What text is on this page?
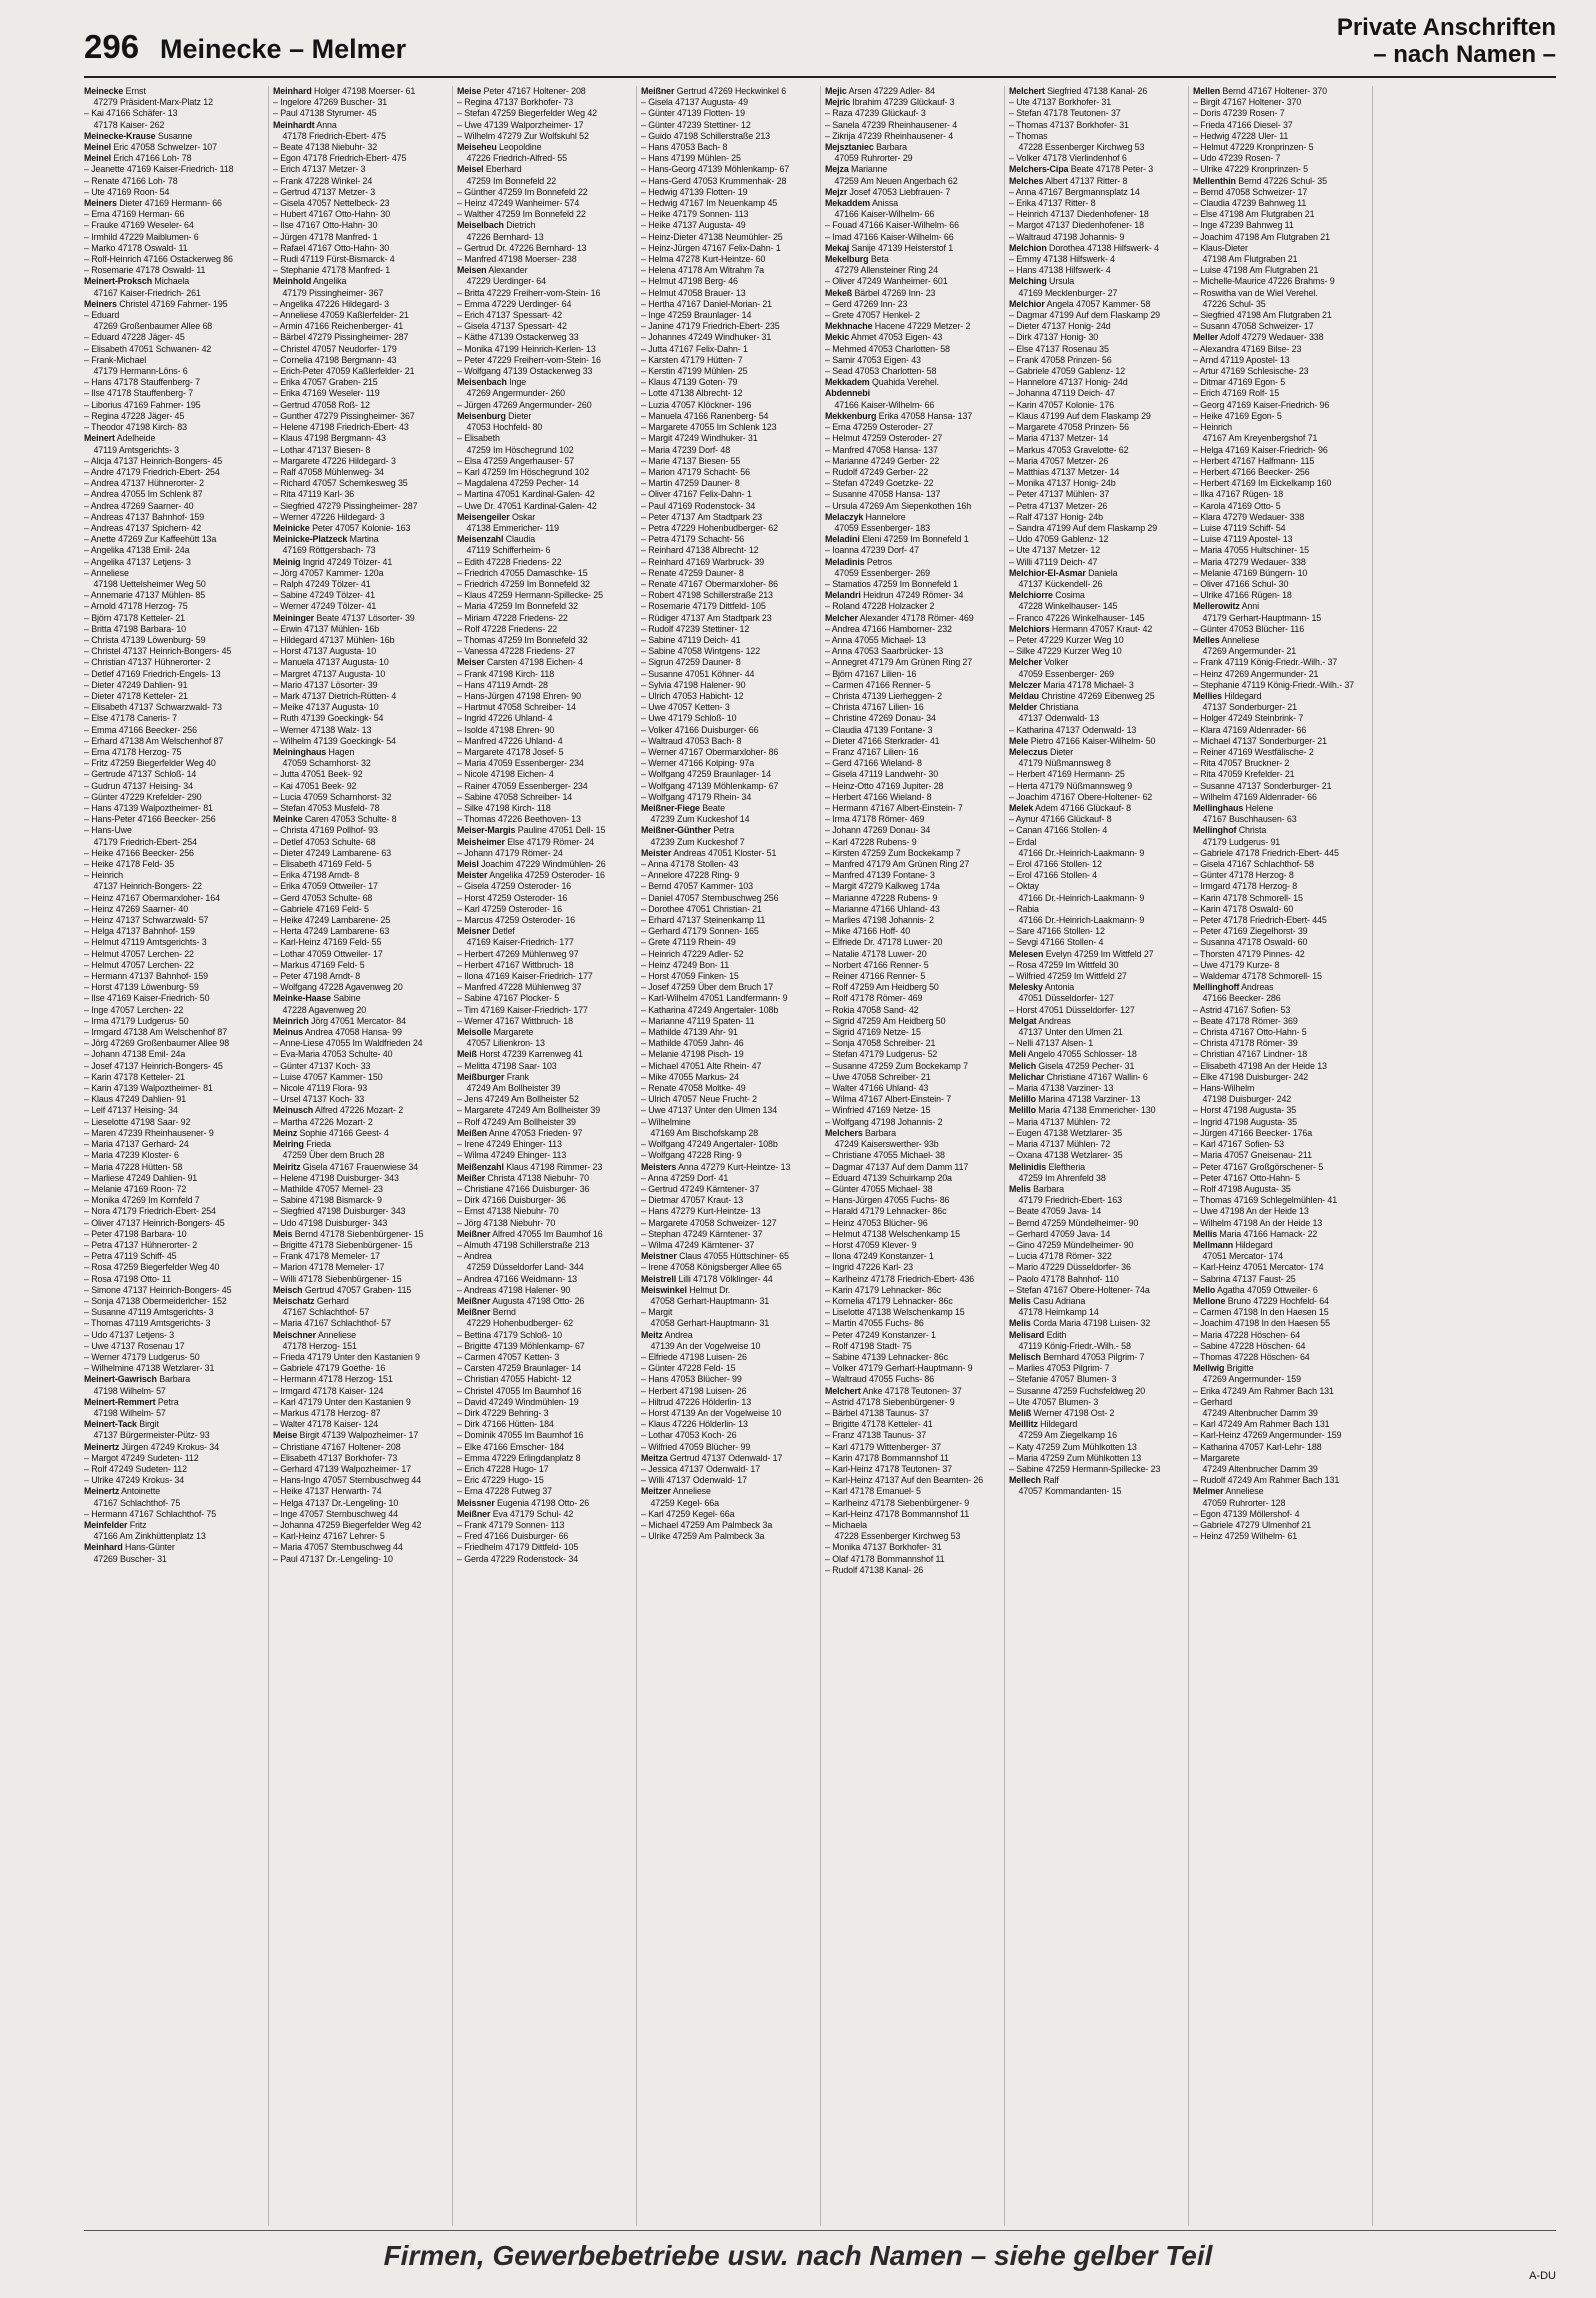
296 Meinecke – Melmer
Private Anschriften
– nach Namen –
Meinecke Ernst
47279 Präsident-Marx-Platz 12
– Kai 47166 Schäfer- 13
47178 Kaiser- 262
Meinecke-Krause Susanne
Meinel Eric 47058 Schwelzer- 107
Meinel Erich 47166 Loh- 78
– Jeanette 47169 Kaiser-Friedrich- 118
– Renate 47166 Loh- 78
– Ute 47169 Roon- 54
Meiners Dieter 47169 Hermann- 66
– Erna 47169 Herman- 66
– Frauke 47169 Weseler- 64
– Irmhild 47229 Maiblumen- 6
– Marko 47178 Oswald- 11
– Rolf-Heinrich 47166 Ostackerweg 86
– Rosemarie 47178 Oswald- 11
Meinert-Proksch Michaela
47167 Kaiser-Friedrich- 261
Meiners Christel 47169 Fahrner- 195
– Eduard
47269 Großenbaumer Allee 68
– Eduard 47228 Jäger- 45
– Elisabeth 47051 Schwanen- 42
– Frank-Michael
47179 Hermann-Löns- 6
– Hans 47178 Stauffenberg- 7
– Ilse 47178 Stauffenberg- 7
– Liborius 47169 Fahrner- 195
– Regina 47228 Jäger- 45
– Theodor 47198 Kirch- 83
Meinert Adelheide
47119 Amtsgerichts- 3
– Alicja 47137 Heinrich-Bongers- 45
– Andre 47179 Friedrich-Ebert- 254
– Andrea 47137 Hühnerorter- 2
– Andrea 47055 Im Schlenk 87
– Andrea 47269 Saarner- 40
– Andreas 47137 Bahnhof- 159
– Andreas 47137 Spichern- 42
– Anette 47269 Zur Kaffeehütt 13a
– Angelika 47138 Emil- 24a
– Angelika 47137 Letjens- 3
– Anneliese
47198 Uettelsheimer Weg 50
– Annemarie 47137 Mühlen- 85
– Arnold 47178 Herzog- 75
– Björn 47178 Ketteler- 21
– Britta 47198 Barbara- 10
– Christa 47139 Löwenburg- 59
– Christel 47137 Heinrich-Bongers- 45
– Christian 47137 Hühnerorter- 2
– Detlef 47169 Friedrich-Engels- 13
– Dieter 47249 Dahlien- 91
– Dieter 47178 Ketteler- 21
– Elisabeth 47137 Schwarzwald- 73
– Else 47178 Caneris- 7
– Emma 47166 Beecker- 256
– Erhard 47138 Am Welschenhof 87
– Erna 47178 Herzog- 75
– Fritz 47259 Biegerfelder Weg 40
– Gertrude 47137 Schloß- 14
– Gudrun 47137 Heising- 34
– Günter 47229 Krefelder- 290
– Hans 47139 Walpoztheimer- 81
– Hans-Peter 47166 Beecker- 256
– Hans-Uwe
47179 Friedrich-Ebert- 254
– Heike 47166 Beecker- 256
– Heike 47178 Feld- 35
– Heinrich
47137 Heinrich-Bongers- 22
– Heinz 47167 Obermarxloher- 164
– Heinz 47269 Saarner- 40
– Heinz 47137 Schwarzwald- 57
– Helga 47137 Bahnhof- 159
– Helmut 47119 Amtsgerichts- 3
– Helmut 47057 Lerchen- 22
– Helmut 47057 Lerchen- 22
– Hermann 47137 Bahnhof- 159
– Horst 47139 Löwenburg- 59
– Ilse 47169 Kaiser-Friedrich- 50
– Inge 47057 Lerchen- 22
– Irma 47179 Ludgerus- 50
– Irmgard 47138 Am Welschenhof 87
– Jörg 47269 Großenbaumer Allee 98
– Johann 47138 Emil- 24a
– Josef 47137 Heinrich-Bongers- 45
– Karin 47178 Ketteler- 21
– Karin 47139 Walpoztheimer- 81
– Klaus 47249 Dahlien- 91
– Leif 47137 Heising- 34
– Lieselotte 47198 Saar- 92
– Maren 47239 Rheinhausener- 9
– Maria 47137 Gerhard- 24
– Maria 47239 Kloster- 6
– Maria 47228 Hütten- 58
– Marliese 47249 Dahlien- 91
– Melanie 47169 Roon- 72
– Monika 47269 Im Kornfeld 7
– Nora 47179 Friedrich-Ebert- 254
– Oliver 47137 Heinrich-Bongers- 45
– Peter 47198 Barbara- 10
– Petra 47137 Hühnerorter- 2
– Petra 47119 Schiff- 45
– Rosa 47259 Biegerfelder Weg 40
– Rosa 47198 Otto- 11
– Simone 47137 Heinrich-Bongers- 45
– Sonja 47138 Obermeiderlcher- 152
– Susanne 47119 Amtsgerichts- 3
– Thomas 47119 Amtsgerichts- 3
– Udo 47137 Letjens- 3
– Uwe 47137 Rosenau 17
– Werner 47179 Ludgerus- 50
– Wilhelmine 47138 Wetzlarer- 31
Meinert-Gawrisch Barbara
47198 Wilhelm- 57
Meinert-Remmert Petra
47198 Wilhelm- 57
Meinert-Tack Birgit
47137 Bürgermeister-Pütz- 93
Meinertz Jürgen 47249 Krokus- 34
– Margot 47249 Sudeten- 112
– Rolf 47249 Sudeten- 112
– Ulrike 47249 Krokus- 34
Meinertz Antoinette
47167 Schlachthof- 75
– Hermann 47167 Schlachthof- 75
Meinfelder Fritz
47166 Am Zinkhüttenplatz 13
Meinhard Hans-Günter
47269 Buscher- 31
Meinhard Holger 47198 Moerser- 61
– Ingelore 47269 Buscher- 31
– Paul 47138 Styrumer- 45
Meinhardt Anna
47178 Friedrich-Ebert- 475
– Beate 47138 Niebuhr- 32
– Egon 47178 Friedrich-Ebert- 475
– Erich 47137 Metzer- 3
– Frank 47228 Winkel- 24
– Gertrud 47137 Metzer- 3
– Gisela 47057 Nettelbeck- 23
– Hubert 47167 Otto-Hahn- 30
– Ilse 47167 Otto-Hahn- 30
– Jürgen 47178 Manfred- 1
– Rafael 47167 Otto-Hahn- 30
– Rudi 47119 Fürst-Bismarck- 4
– Stephanie 47178 Manfred- 1
Meinhold Angelika
47179 Pissingheimer- 367
– Angelika 47226 Hildegard- 3
– Anneliese 47059 Kaßlerfelder- 21
– Armin 47166 Reichenberger- 41
– Bärbel 47279 Pissingheimer- 287
– Christel 47057 Neudorfer- 179
– Cornelia 47198 Bergmann- 43
– Erich-Peter 47059 Kaßlerfelder- 21
– Erika 47057 Graben- 215
– Erika 47169 Weseler- 119
– Gertrud 47058 Roß- 12
– Gunther 47279 Pissingheimer- 367
– Helene 47198 Friedrich-Ebert- 43
– Klaus 47198 Bergmann- 43
– Lothar 47137 Biesen- 8
– Margarete 47226 Hildegard- 3
– Ralf 47058 Mühlenweg- 34
– Richard 47057 Schemkesweg 35
– Rita 47119 Karl- 36
– Siegfried 47279 Pissingheimer- 287
– Werner 47226 Hildegard- 3
Meinicke Peter 47057 Kolonie- 163
Meinicke-Platzeck Martina
47169 Röttgersbach- 73
Meinig Ingrid 47249 Tölzer- 41
– Jörg 47057 Kammer- 120a
– Ralph 47249 Tölzer- 41
– Sabine 47249 Tölzer- 41
– Werner 47249 Tölzer- 41
Meininger Beate 47137 Lösorter- 39
– Erwin 47137 Mühlen- 16b
– Hildegard 47137 Mühlen- 16b
– Horst 47137 Augusta- 10
– Manuela 47137 Augusta- 10
– Margret 47137 Augusta- 10
– Mario 47137 Lösorter- 39
– Mark 47137 Dietrich-Rütten- 4
– Meike 47137 Augusta- 10
– Ruth 47139 Goeckingk- 54
– Werner 47138 Walz- 13
– Wilhelm 47139 Goeckingk- 54
Meininghaus Hagen
47059 Scharnhorst- 32
– Jutta 47051 Beek- 92
– Kai 47051 Beek- 92
– Lucia 47059 Scharnhorst- 32
– Stefan 47053 Musfeld- 78
Meinke Caren 47053 Schulte- 8
– Christa 47169 Pollhof- 93
– Detlef 47053 Schulte- 68
– Dieter 47249 Lambarene- 63
– Elisabeth 47169 Feld- 5
– Erika 47198 Arndt- 8
– Erika 47059 Ottweiler- 17
– Gerd 47053 Schulte- 68
– Gabriele 47169 Feld- 5
– Heike 47249 Lambarene- 25
– Herta 47249 Lambarene- 63
– Karl-Heinz 47169 Feld- 55
– Lothar 47059 Ottweiler- 17
– Markus 47169 Feld- 5
– Peter 47198 Arndt- 8
– Wolfgang 47228 Agavenweg 20
Meinke-Haase Sabine
47228 Agavenweg 20
Meinrich Jörg 47051 Mercator- 84
Meinus Andrea 47058 Hansa- 99
– Anne-Liese 47055 Im Waldfrieden 24
– Eva-Maria 47053 Schulte- 40
– Günter 47137 Koch- 33
– Luise 47057 Kammer- 150
– Nicole 47119 Flora- 93
– Ursel 47137 Koch- 33
Meinusch Alfred 47226 Mozart- 2
– Martha 47226 Mozart- 2
Meinz Sophie 47166 Geest- 4
Meiring Frieda
47259 Über dem Bruch 28
Meiritz Gisela 47167 Frauenwiese 34
– Helene 47198 Duisburger- 343
– Mathilde 47057 Memel- 23
– Sabine 47198 Bismarck- 9
– Siegfried 47198 Duisburger- 343
– Udo 47198 Duisburger- 343
Meis Bernd 47178 Siebenbürgener- 15
– Brigitte 47178 Siebenbürgener- 15
– Frank 47178 Memeler- 17
– Marion 47178 Memeler- 17
– Willi 47178 Siebenbürgener- 15
Meisch Gertrud 47057 Graben- 115
Meischatz Gerhard
47167 Schlachthof- 57
– Maria 47167 Schlachthof- 57
Meischner Anneliese
47178 Herzog- 151
– Frieda 47179 Unter den Kastanien 9
– Gabriele 47179 Goethe- 16
– Hermann 47178 Herzog- 151
– Irmgard 47178 Kaiser- 124
– Karl 47179 Unter den Kastanien 9
– Markus 47178 Herzog- 87
– Walter 47178 Kaiser- 124
Meise Birgit 47139 Walpozheimer- 17
– Christiane 47167 Holtener- 208
– Elisabeth 47137 Borkhofer- 73
– Gerhard 47139 Walpozheimer- 17
– Hans-Ingo 47057 Sternbuschweg 44
– Heike 47137 Herwarth- 74
– Helga 47137 Dr.-Lengeling- 10
– Inge 47057 Sternbuschweg 44
– Johanna 47259 Biegerfelder Weg 42
– Karl-Heinz 47167 Lehrer- 5
– Maria 47057 Sternbuschweg 44
– Paul 47137 Dr.-Lengeling- 10
Meise Peter 47167 Holtener- 208
– Regina 47137 Borkhofer- 73
– Stefan 47259 Biegerfelder Weg 42
– Uwe 47139 Walporzheimer- 17
– Wilhelm 47279 Zur Wolfskuhl 52
Meiseheu Leopoldine
47226 Friedrich-Alfred- 55
Meisel Eberhard
47259 Im Bonnefeld 22
– Günther 47259 Im Bonnefeld 22
– Heinz 47249 Wanheimer- 574
– Walther 47259 Im Bonnefeld 22
Meiselbach Dietrich
47226 Bernhard- 13
– Gertrud Dr. 47226 Bernhard- 13
– Manfred 47198 Moerser- 238
Meisen Alexander
47229 Uerdinger- 64
– Britta 47229 Freiherr-vom-Stein- 16
– Emma 47229 Uerdinger- 64
– Erich 47137 Spessart- 42
– Gisela 47137 Spessart- 42
– Käthe 47139 Ostackerweg 33
– Monika 47199 Heinrich-Kerlen- 13
– Peter 47229 Freiherr-vom-Stein- 16
– Wolfgang 47139 Ostackerweg 33
Meisenbach Inge
47269 Angermunder- 260
– Jürgen 47269 Angermunder- 260
Meisenburg Dieter
47053 Hochfeld- 80
– Elisabeth
47259 Im Höschegrund 102
– Elsa 47259 Angerhauser- 57
– Karl 47259 Im Höschegrund 102
– Magdalena 47259 Pecher- 14
– Martina 47051 Kardinal-Galen- 42
– Uwe Dr. 47051 Kardinal-Galen- 42
Meisengeiler Oskar
47138 Emmericher- 119
Meisenzahl Claudia
47119 Schifferheim- 6
– Edith 47228 Friedens- 22
– Friedrich 47055 Damaschke- 15
– Friedrich 47259 Im Bonnefeld 32
– Klaus 47259 Hermann-Spillecke- 25
– Maria 47259 Im Bonnefeld 32
– Miriam 47228 Friedens- 22
– Rolf 47228 Friedens- 22
– Thomas 47259 Im Bonnefeld 32
– Vanessa 47228 Friedens- 27
Meiser Carsten 47198 Eichen- 4
– Frank 47198 Kirch- 118
– Hans 47119 Arndt- 28
– Hans-Jürgen 47198 Ehren- 90
– Hartmut 47058 Schreiber- 14
– Ingrid 47226 Uhland- 4
– Isolde 47198 Ehren- 90
– Manfred 47226 Uhland- 4
– Margarete 47178 Josef- 5
– Maria 47059 Essenberger- 234
– Nicole 47198 Eichen- 4
– Rainer 47059 Essenberger- 234
– Sabine 47058 Schreiber- 14
– Silke 47198 Kirch- 118
– Thomas 47226 Beethoven- 13
Meiser-Margis Pauline 47051 Dell- 15
Meisheimer Else 47179 Römer- 24
– Johann 47179 Römer- 24
Meisl Joachim 47229 Windmühlen- 26
Meister Angelika 47259 Osteroder- 16
– Gisela 47259 Osteroder- 16
– Horst 47259 Osteroder- 16
– Karl 47259 Osteroder- 16
– Marcus 47259 Osteroder- 16
Meisner Detlef
47169 Kaiser-Friedrich- 177
– Herbert 47269 Mühlenweg 97
– Herbert 47167 Wittbruch- 18
– Ilona 47169 Kaiser-Friedrich- 177
– Manfred 47228 Mühlenweg 37
– Sabine 47167 Plocker- 5
– Tim 47169 Kaiser-Friedrich- 177
– Werner 47167 Wittbruch- 18
Meisolle Margarete
47057 Lilienkron- 13
Meiß Horst 47239 Karrenweg 41
– Melitta 47198 Saar- 103
Meißburger Frank
47249 Am Bollheister 39
– Jens 47249 Am Bollheister 52
– Margarete 47249 Am Bollheister 39
– Rolf 47249 Am Bollheister 39
Meißen Anne 47053 Frieden- 97
– Irene 47249 Ehinger- 113
– Wilma 47249 Ehinger- 113
Meißenzahl Klaus 47198 Rimmer- 23
Meißer Christa 47138 Niebuhr- 70
– Christiane 47166 Duisburger- 36
– Dirk 47166 Duisburger- 36
– Ernst 47138 Niebuhr- 70
– Jörg 47138 Niebuhr- 70
Meißner Alfred 47055 Im Baumhof 16
– Almuth 47198 Schillerstraße 213
– Andrea
47259 Düsseldorfer Land- 344
– Andrea 47166 Weidmann- 13
– Andreas 47198 Halener- 90
Meißner Augusta 47198 Otto- 26
Meißner Bernd
47229 Hohenbudberger- 62
– Bettina 47179 Schloß- 10
– Brigitte 47139 Möhlenkamp- 67
– Carmen 47057 Ketten- 3
– Carsten 47259 Braunlager- 14
– Christian 47055 Habicht- 12
– Christel 47055 Im Baumhof 16
– David 47249 Windmühlen- 19
– Dirk 47229 Behring- 3
– Dirk 47166 Hütten- 184
– Dominik 47055 Im Baumhof 16
– Elke 47166 Emscher- 184
– Emma 47229 Erlingdanplatz 8
– Erich 47228 Hugo- 17
– Eric 47229 Hugo- 15
– Erna 47228 Futweg 37
Meissner Eugenia 47198 Otto- 26
Meißner Eva 47179 Schul- 42
– Frank 47179 Sonnen- 113
– Fred 47166 Duisburger- 66
– Friedhelm 47179 Dittfeld- 105
– Gerda 47229 Rodenstock- 34
Meißner Gertrud 47269 Heckwinkel 6
– Gisela 47137 Augusta- 49
– Günter 47139 Flotten- 19
– Günter 47239 Stettiner- 12
– Guido 47198 Schillerstraße 213
– Hans 47053 Bach- 8
– Hans 47199 Mühlen- 25
– Hans-Georg 47139 Möhlenkamp- 67
– Hans-Gerd 47053 Krummenhak- 28
– Hedwig 47139 Flotten- 19
– Hedwig 47167 Im Neuenkamp 45
– Heike 47179 Sonnen- 113
– Heike 47137 Augusta- 49
– Heinz-Dieter 47138 Neumühler- 25
– Heinz-Jürgen 47167 Felix-Dahn- 1
– Helma 47278 Kurt-Heintze- 60
– Helena 47178 Am Witrahm 7a
– Helmut 47198 Berg- 46
– Helmut 47058 Brauer- 13
– Hertha 47167 Daniel-Morian- 21
– Inge 47259 Braunlager- 14
– Janine 47179 Friedrich-Ebert- 235
– Johannes 47249 Windhuker- 31
– Jutta 47167 Felix-Dahn- 1
– Karsten 47179 Hütten- 7
– Kerstin 47199 Mühlen- 25
– Klaus 47139 Goten- 79
– Lotte 47138 Albrecht- 12
– Luzia 47057 Klöckner- 196
– Manuela 47166 Ranenberg- 54
– Margarete 47055 Im Schlenk 123
– Margit 47249 Windhuker- 31
– Maria 47239 Dorf- 48
– Marie 47137 Biesen- 55
– Marion 47179 Schacht- 56
– Martin 47259 Dauner- 8
– Oliver 47167 Felix-Dahn- 1
– Paul 47169 Rodenstock- 34
– Peter 47137 Am Stadtpark 23
– Petra 47229 Hohenbudberger- 62
– Petra 47179 Schacht- 56
– Reinhard 47138 Albrecht- 12
– Reinhard 47169 Warbruck- 39
– Renate 47259 Dauner- 8
– Renate 47167 Obermarxloher- 86
– Robert 47198 Schillerstraße 213
– Rosemarie 47179 Dittfeld- 105
– Rüdiger 47137 Am Stadtpark 23
– Rudolf 47239 Stettiner- 12
– Sabine 47119 Deich- 41
– Sabine 47058 Wintgens- 122
– Sigrun 47259 Dauner- 8
– Susanne 47051 Köhner- 44
– Sylvia 47198 Halener- 90
– Ulrich 47053 Habicht- 12
– Uwe 47057 Ketten- 3
– Uwe 47179 Schloß- 10
– Volker 47166 Duisburger- 66
– Waltraud 47053 Bach- 8
– Werner 47167 Obermarxloher- 86
– Werner 47166 Kolping- 97a
– Wolfgang 47259 Braunlager- 14
– Wolfgang 47139 Möhlenkamp- 67
– Wolfgang 47179 Rhein- 34
Meißner-Fiege Beate
47239 Zum Kuckeshof 14
Meißner-Günther Petra
47239 Zum Kuckeshof 7
Meister Andreas 47051 Kloster- 51
– Anna 47178 Stollen- 43
– Annelore 47228 Ring- 9
– Bernd 47057 Kammer- 103
– Daniel 47057 Sternbuschweg 256
– Dorothee 47051 Christian- 21
– Erhard 47137 Steinenkamp 11
– Gerhard 47179 Sonnen- 165
– Grete 47119 Rhein- 49
– Heinrich 47229 Adler- 52
– Heinz 47249 Bon- 11
– Horst 47059 Finken- 15
– Josef 47259 Über dem Bruch 17
– Karl-Wilhelm 47051 Landfermann- 9
– Katharina 47249 Angertaler- 108b
– Marianne 47119 Spaten- 11
– Mathilde 47139 Ahr- 91
– Mathilde 47059 Jahn- 46
– Melanie 47198 Pisch- 19
– Michael 47051 Alte Rhein- 47
– Mike 47055 Markus- 24
– Renate 47058 Moltke- 49
– Ulrich 47057 Neue Frucht- 2
– Uwe 47137 Unter den Ulmen 134
– Wilhelmine
47169 Am Bischofskamp 28
– Wolfgang 47249 Angertaler- 108b
– Wolfgang 47228 Ring- 9
Meisters Anna 47279 Kurt-Heintze- 13
– Anna 47259 Dorf- 41
– Gertrud 47249 Kärntener- 37
– Dietmar 47057 Kraut- 13
– Hans 47279 Kurt-Heintze- 13
– Margarete 47058 Schweizer- 127
– Stephan 47249 Kärntener- 37
– Wilma 47249 Kärntener- 37
Meistner Claus 47055 Hüttschiner- 65
– Irene 47058 Königsberger Allee 65
Meistrell Lilli 47178 Völklinger- 44
Meiswinkel Helmut Dr.
47058 Gerhart-Hauptmann- 31
– Margit
47058 Gerhart-Hauptmann- 31
Meitz Andrea
47139 An der Vogelweise 10
– Elfriede 47198 Luisen- 26
– Günter 47228 Feld- 15
– Hans 47053 Blücher- 99
– Herbert 47198 Luisen- 26
– Hiltrud 47226 Hölderlin- 13
– Horst 47139 An der Vogelweise 10
– Klaus 47226 Hölderlin- 13
– Lothar 47053 Koch- 26
– Wilfried 47059 Blücher- 99
Meitza Gertrud 47137 Odenwald- 17
– Jessica 47137 Odenwald- 17
– Willi 47137 Odenwald- 17
Meitzer Anneliese
47259 Kegel- 66a
– Karl 47259 Kegel- 66a
– Michael 47259 Am Palmbeck 3a
– Ulrike 47259 Am Palmbeck 3a
Mejic Arsen 47229 Adler- 84
Mejric Ibrahim 47239 Glückauf- 3
– Raza 47239 Glückauf- 3
– Sanela 47239 Rheinhausener- 4
– Zikrija 47239 Rheinhausener- 4
Mejsztaniec Barbara
47059 Ruhrorter- 29
Mejza Marianne
47259 Am Neuen Angerbach 62
Mejzr Josef 47053 Liebfrauen- 7
Mekaddem Anissa
47166 Kaiser-Wilhelm- 66
– Fouad 47166 Kaiser-Wilhelm- 66
– Imad 47166 Kaiser-Wilhelm- 66
Mekaj Sanije 47139 Heisterstof 1
Mekelburg Beta
47279 Allensteiner Ring 24
– Oliver 47249 Wanheimer- 601
Mekeß Bärbel 47269 Inn- 23
– Gerd 47269 Inn- 23
– Grete 47057 Henkel- 2
Mekhnache Hacene 47229 Metzer- 2
Mekic Ahmet 47053 Eigen- 43
– Mehmed 47053 Charlotten- 58
– Samir 47053 Eigen- 43
– Sead 47053 Charlotten- 58
Mekkadem Quahida Verehel.
Abdennebi
47166 Kaiser-Wilhelm- 66
Mekkenburg Erika 47058 Hansa- 137
– Erna 47259 Osteroder- 27
– Helmut 47259 Osteroder- 27
– Manfred 47058 Hansa- 137
– Marianne 47249 Gerber- 22
– Rudolf 47249 Gerber- 22
– Stefan 47249 Goetzke- 22
– Susanne 47058 Hansa- 137
– Ursula 47269 Am Siepenkothen 16h
Melaczyk Hannelore
47059 Essenberger- 183
Meladini Eleni 47259 Im Bonnefeld 1
– Ioanna 47239 Dorf- 47
Meladinis Petros
47059 Essenberger- 269
– Stamatios 47259 Im Bonnefeld 1
Melandri Heidrun 47249 Römer- 34
– Roland 47228 Holzacker 2
Melcher Alexander 47178 Römer- 469
– Andrea 47166 Hamborner- 232
– Anna 47055 Michael- 13
– Anna 47053 Saarbrücker- 13
– Annegret 47179 Am Grünen Ring 27
– Björn 47167 Lilien- 16
– Carmen 47166 Renner- 5
– Christa 47139 Lierheggen- 2
– Christa 47167 Lilien- 16
– Christine 47269 Donau- 34
– Claudia 47139 Fontane- 3
– Dieter 47166 Sterkrader- 41
– Franz 47167 Lilien- 16
– Gerd 47166 Wieland- 8
– Gisela 47119 Landwehr- 30
– Heinz-Otto 47169 Jupiter- 28
– Herbert 47166 Wieland- 8
– Hermann 47167 Albert-Einstein- 7
– Irma 47178 Römer- 469
– Johann 47269 Donau- 34
– Karl 47228 Rubens- 9
– Kirsten 47259 Zum Bockekamp 7
– Manfred 47179 Am Grünen Ring 27
– Manfred 47139 Fontane- 3
– Margit 47279 Kalkweg 174a
– Marianne 47228 Rubens- 9
– Marianne 47166 Uhland- 43
– Marlies 47198 Johannis- 2
– Mike 47166 Hoff- 40
– Elfriede Dr. 47178 Luwer- 20
– Natalie 47178 Luwer- 20
– Norbert 47166 Renner- 5
– Reiner 47166 Renner- 5
– Rolf 47259 Am Heidberg 50
– Rolf 47178 Römer- 469
– Rokia 47058 Sand- 42
– Sigrid 47259 Am Heidberg 50
– Sigrid 47169 Netze- 15
– Sonja 47058 Schreiber- 21
– Stefan 47179 Ludgerus- 52
– Susanne 47259 Zum Bockekamp 7
– Uwe 47058 Schreiber- 21
– Walter 47166 Uhland- 43
– Wilma 47167 Albert-Einstein- 7
– Winfried 47169 Netze- 15
– Wolfgang 47198 Johannis- 2
Melchers Barbara
47249 Kaiserswerther- 93b
– Christiane 47055 Michael- 38
– Dagmar 47137 Auf dem Damm 117
– Eduard 47139 Schuirkamp 20a
– Günter 47055 Michael- 38
– Hans-Jürgen 47055 Fuchs- 86
– Harald 47179 Lehnacker- 86c
– Heinz 47053 Blücher- 96
– Helmut 47138 Welschenkamp 15
– Horst 47059 Klever- 9
– Ilona 47249 Konstanzer- 1
– Ingrid 47226 Karl- 23
– Karlheinz 47178 Friedrich-Ebert- 436
– Karin 47179 Lehnacker- 86c
– Kornelia 47179 Lehnacker- 86c
– Liselotte 47138 Welschenkamp 15
– Martin 47055 Fuchs- 86
– Peter 47249 Konstanzer- 1
– Rolf 47198 Stadt- 75
– Sabine 47139 Lehnacker- 86c
– Volker 47179 Gerhart-Hauptmann- 9
– Waltraud 47055 Fuchs- 86
Melchert Anke 47178 Teutonen- 37
– Astrid 47178 Siebenbürgener- 9
– Bärbel 47138 Taunus- 37
– Brigitte 47178 Ketteler- 41
– Franz 47138 Taunus- 37
– Karl 47179 Wittenberger- 37
– Karin 47178 Bommannshof 11
– Karl-Heinz 47178 Teutonen- 37
– Karl-Heinz 47137 Auf den Beamten- 26
– Karl 47178 Emanuel- 5
– Karlheinz 47178 Siebenbürgener- 9
– Karl-Heinz 47178 Bommannshof 11
– Michaela
47228 Essenberger Kirchweg 53
– Monika 47137 Borkhofer- 31
– Olaf 47178 Bommannshof 11
– Rudolf 47138 Kanal- 26
Melchert Siegfried 47138 Kanal- 26
– Ute 47137 Borkhofer- 31
– Stefan 47178 Teutonen- 37
– Thomas 47137 Borkhofer- 31
– Thomas
47228 Essenberger Kirchweg 53
– Volker 47178 Vierlindenhof 6
Melchers-Cipa Beate 47178 Peter- 3
Melches Albert 47137 Ritter- 8
– Anna 47167 Bergmannsplatz 14
– Erika 47137 Ritter- 8
– Heinrich 47137 Diedenhofener- 18
– Margot 47137 Diedenhofener- 18
– Waltraud 47198 Johannis- 9
Melchion Dorothea 47138 Hilfswerk- 4
– Emmy 47138 Hilfswerk- 4
– Hans 47138 Hilfswerk- 4
Melching Ursula
47169 Mecklenburger- 27
Melchior Angela 47057 Kammer- 58
– Dagmar 47199 Auf dem Flaskamp 29
– Dieter 47137 Honig- 24d
– Dirk 47137 Honig- 30
– Else 47137 Rosenau 35
– Frank 47058 Prinzen- 56
– Gabriele 47059 Gablenz- 12
– Hannelore 47137 Honig- 24d
– Johanna 47119 Deich- 47
– Karin 47057 Kolonie- 176
– Klaus 47199 Auf dem Flaskamp 29
– Margarete 47058 Prinzen- 56
– Maria 47137 Metzer- 14
– Markus 47053 Gravelotte- 62
– Maria 47057 Metzer- 26
– Matthias 47137 Metzer- 14
– Monika 47137 Honig- 24b
– Peter 47137 Mühlen- 37
– Petra 47137 Metzer- 26
– Ralf 47137 Honig- 24b
– Sandra 47199 Auf dem Flaskamp 29
– Udo 47059 Gablenz- 12
– Ute 47137 Metzer- 12
– Willi 47119 Deich- 47
Melchior-El-Asmar Daniela
47137 Kückendell- 26
Melchiorre Cosima
47228 Winkelhauser- 145
– Franco 47226 Winkelhauser- 145
Melchiors Hermann 47057 Kraut- 42
– Peter 47229 Kurzer Weg 10
– Silke 47229 Kurzer Weg 10
Melcher Volker
47059 Essenberger- 269
Melczer Maria 47178 Michael- 3
Meldau Christine 47269 Eibenweg 25
Melder Christiana
47137 Odenwald- 13
– Katharina 47137 Odenwald- 13
Mele Pietro 47166 Kaiser-Wilhelm- 50
Meleczus Dieter
47179 Nüßmannsweg 8
– Herbert 47169 Hermann- 25
– Herta 47179 Nüßmannsweg 9
– Joachim 47167 Obere-Holtener- 62
Melek Adem 47166 Glückauf- 8
– Aynur 47166 Glückauf- 8
– Canan 47166 Stollen- 4
– Erdal
47166 Dr.-Heinrich-Laakmann- 9
– Erol 47166 Stollen- 12
– Erol 47166 Stollen- 4
– Oktay
47166 Dr.-Heinrich-Laakmann- 9
– Rabia
47166 Dr.-Heinrich-Laakmann- 9
– Sare 47166 Stollen- 12
– Sevgi 47166 Stollen- 4
Melesen Evelyn 47259 Im Wittfeld 27
– Rosa 47259 Im Wittfeld 30
– Wilfried 47259 Im Wittfeld 27
Melesky Antonia
47051 Düsseldorfer- 127
– Horst 47051 Düsseldorfer- 127
Melgat Andreas
47137 Unter den Ulmen 21
– Nelli 47137 Alsen- 1
Meli Angelo 47055 Schlosser- 18
Melich Gisela 47259 Pecher- 31
Melichar Christiane 47167 Wallin- 6
– Maria 47138 Varziner- 13
Melillo Marina 47138 Varziner- 13
Melillo Maria 47138 Emmericher- 130
– Maria 47137 Mühlen- 72
– Eugen 47138 Wetzlarer- 35
– Maria 47137 Mühlen- 72
– Oxana 47138 Wetzlarer- 35
Melinidis Eleftheria
47259 Im Ahrenfeld 38
Melis Barbara
47179 Friedrich-Ebert- 163
– Beate 47059 Java- 14
– Bernd 47259 Mündelheimer- 90
– Gerhard 47059 Java- 14
– Gino 47259 Mündelheimer- 90
– Lucia 47178 Römer- 322
– Mario 47229 Düsseldorfer- 36
– Paolo 47178 Bahnhof- 110
– Stefan 47167 Obere-Holtener- 74a
Melis Casu Adriana
47178 Heimkamp 14
Melis Corda Maria 47198 Luisen- 32
Melisard Edith
47119 König-Friedr.-Wilh.- 58
Melisch Bernhard 47053 Pilgrim- 7
– Marlies 47053 Pilgrim- 7
– Stefanie 47057 Blumen- 3
– Susanne 47259 Fuchsfeldweg 20
– Ute 47057 Blumen- 3
Meliß Werner 47198 Ost- 2
Meillitz Hildegard
47259 Am Ziegelkamp 16
– Katy 47259 Zum Mühlkotten 13
– Maria 47259 Zum Mühlkotten 13
– Sabine 47259 Hermann-Spillecke- 23
Mellech Ralf
47057 Kommandanten- 15
Mellen Bernd 47167 Holtener- 370
– Birgit 47167 Holtener- 370
– Doris 47239 Rosen- 7
– Frieda 47166 Diesel- 37
– Hedwig 47228 Uler- 11
– Helmut 47229 Kronprinzen- 5
– Udo 47239 Rosen- 7
– Ulrike 47229 Kronprinzen- 5
Mellenthin Bernd 47226 Schul- 35
– Bernd 47058 Schweizer- 17
– Claudia 47239 Bahnweg 11
– Else 47198 Am Flutgraben 21
– Inge 47239 Bahnweg 11
– Joachim 47198 Am Flutgraben 21
– Klaus-Dieter
47198 Am Flutgraben 21
– Luise 47198 Am Flutgraben 21
– Michelle-Maurice 47226 Brahms- 9
– Roswitha van de Wiel Verehel.
47226 Schul- 35
– Siegfried 47198 Am Flutgraben 21
– Susann 47058 Schweizer- 17
Meller Adolf 47279 Wedauer- 338
– Alexandra 47169 Bilse- 23
– Arnd 47119 Apostel- 13
– Artur 47169 Schlesische- 23
– Ditmar 47169 Egon- 5
– Erich 47169 Rolf- 15
– Georg 47169 Kaiser-Friedrich- 96
– Heike 47169 Egon- 5
– Heinrich
47167 Am Kreyenbergshof 71
– Helga 47169 Kaiser-Friedrich- 96
– Herbert 47167 Halfmann- 115
– Herbert 47166 Beecker- 256
– Herbert 47169 Im Eickelkamp 160
– Ilka 47167 Rügen- 18
– Karola 47169 Otto- 5
– Klara 47279 Wedauer- 338
– Luise 47119 Schiff- 54
– Luise 47119 Apostel- 13
– Maria 47055 Hultschiner- 15
– Maria 47279 Wedauer- 338
– Melanie 47169 Büngern- 10
– Oliver 47166 Schul- 30
– Ulrike 47166 Rügen- 18
Mellerowitz Anni
47179 Gerhart-Hauptmann- 15
– Günter 47053 Blücher- 116
Melles Anneliese
47269 Angermunder- 21
– Frank 47119 König-Friedr.-Wilh.- 37
– Heinz 47269 Angermunder- 21
– Stephanie 47119 König-Friedr.-Wilh.- 37
Mellies Hildegard
47137 Sonderburger- 21
– Holger 47249 Steinbrink- 7
– Klara 47169 Aldenrader- 66
– Michael 47137 Sonderburger- 21
– Reiner 47169 Westfälische- 2
– Rita 47057 Bruckner- 2
– Rita 47059 Krefelder- 21
– Susanne 47137 Sonderburger- 21
– Wilhelm 47169 Aldenrader- 66
Mellinghaus Helene
47167 Buschhausen- 63
Mellinghof Christa
47179 Ludgerus- 91
– Gabriele 47178 Friedrich-Ebert- 445
– Gisela 47167 Schlachthof- 58
– Günter 47178 Herzog- 8
– Irmgard 47178 Herzog- 8
– Karin 47178 Schmorell- 15
– Karin 47178 Oswald- 60
– Peter 47178 Friedrich-Ebert- 445
– Peter 47169 Ziegelhorst- 39
– Susanna 47178 Oswald- 60
– Thorsten 47179 Pinnes- 42
– Uwe 47179 Kurze- 8
– Waldemar 47178 Schmorell- 15
Mellinghoff Andreas
47166 Beecker- 286
– Astrid 47167 Sofien- 53
– Beate 47178 Römer- 369
– Christa 47167 Otto-Hahn- 5
– Christa 47178 Römer- 39
– Christian 47167 Lindner- 18
– Elisabeth 47198 An der Heide 13
– Elke 47198 Duisburger- 242
– Hans-Wilhelm
47198 Duisburger- 242
– Horst 47198 Augusta- 35
– Ingrid 47198 Augusta- 35
– Jürgen 47166 Beecker- 176a
– Karl 47167 Sofien- 53
– Maria 47057 Gneisenau- 211
– Peter 47167 Großgörschener- 5
– Peter 47167 Otto-Hahn- 5
– Rolf 47198 Augusta- 35
– Thomas 47169 Schlegelmühlen- 41
– Uwe 47198 An der Heide 13
– Wilhelm 47198 An der Heide 13
Mellis Maria 47166 Harnack- 22
Mellmann Hildegard
47051 Mercator- 174
– Karl-Heinz 47051 Mercator- 174
– Sabrina 47137 Faust- 25
Mello Agatha 47059 Ottweiler- 6
Mellone Bruno 47229 Hochfeld- 64
– Carmen 47198 In den Haesen 15
– Joachim 47198 In den Haesen 55
– Maria 47228 Höschen- 64
– Sabine 47228 Höschen- 64
– Thomas 47228 Höschen- 64
Mellwig Brigitte
47269 Angermunder- 159
– Erika 47249 Am Rahmer Bach 131
– Gerhard
47249 Altenbrucher Damm 39
– Karl 47249 Am Rahmer Bach 131
– Karl-Heinz 47269 Angermunder- 159
– Katharina 47057 Karl-Lehr- 188
– Margarete
47249 Altenbrucher Damm 39
– Rudolf 47249 Am Rahmer Bach 131
Melmer Anneliese
47059 Ruhrorter- 128
– Egon 47139 Möllershof- 4
– Gabriele 47279 Ulmenhof 21
– Heinz 47259 Wilhelm- 61
Firmen, Gewerbebetriebe usw. nach Namen – siehe gelber Teil
A-DU
